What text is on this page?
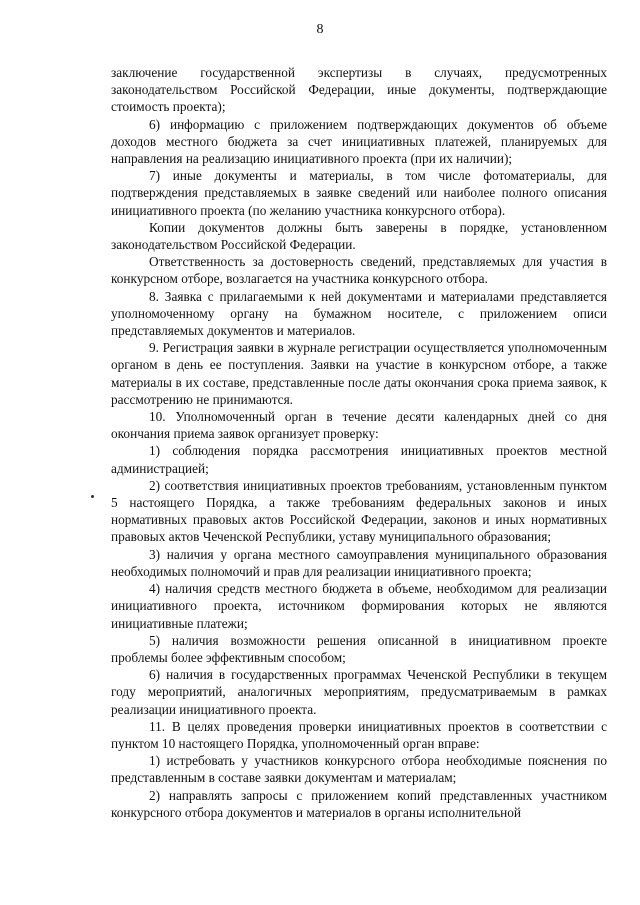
8

заключение государственной экспертизы в случаях, предусмотренных законодательством Российской Федерации, иные документы, подтверждающие стоимость проекта);

6) информацию с приложением подтверждающих документов об объеме доходов местного бюджета за счет инициативных платежей, планируемых для направления на реализацию инициативного проекта (при их наличии);

7) иные документы и материалы, в том числе фотоматериалы, для подтверждения представляемых в заявке сведений или наиболее полного описания инициативного проекта (по желанию участника конкурсного отбора).

Копии документов должны быть заверены в порядке, установленном законодательством Российской Федерации.

Ответственность за достоверность сведений, представляемых для участия в конкурсном отборе, возлагается на участника конкурсного отбора.

8. Заявка с прилагаемыми к ней документами и материалами представляется уполномоченному органу на бумажном носителе, с приложением описи представляемых документов и материалов.

9. Регистрация заявки в журнале регистрации осуществляется уполномоченным органом в день ее поступления. Заявки на участие в конкурсном отборе, а также материалы в их составе, представленные после даты окончания срока приема заявок, к рассмотрению не принимаются.

10. Уполномоченный орган в течение десяти календарных дней со дня окончания приема заявок организует проверку:

1) соблюдения порядка рассмотрения инициативных проектов местной администрацией;

2) соответствия инициативных проектов требованиям, установленным пунктом 5 настоящего Порядка, а также требованиям федеральных законов и иных нормативных правовых актов Российской Федерации, законов и иных нормативных правовых актов Чеченской Республики, уставу муниципального образования;

3) наличия у органа местного самоуправления муниципального образования необходимых полномочий и прав для реализации инициативного проекта;

4) наличия средств местного бюджета в объеме, необходимом для реализации инициативного проекта, источником формирования которых не являются инициативные платежи;

5) наличия возможности решения описанной в инициативном проекте проблемы более эффективным способом;

6) наличия в государственных программах Чеченской Республики в текущем году мероприятий, аналогичных мероприятиям, предусматриваемым в рамках реализации инициативного проекта.

11. В целях проведения проверки инициативных проектов в соответствии с пунктом 10 настоящего Порядка, уполномоченный орган вправе:

1) истребовать у участников конкурсного отбора необходимые пояснения по представленным в составе заявки документам и материалам;

2) направлять запросы с приложением копий представленных участником конкурсного отбора документов и материалов в органы исполнительной
